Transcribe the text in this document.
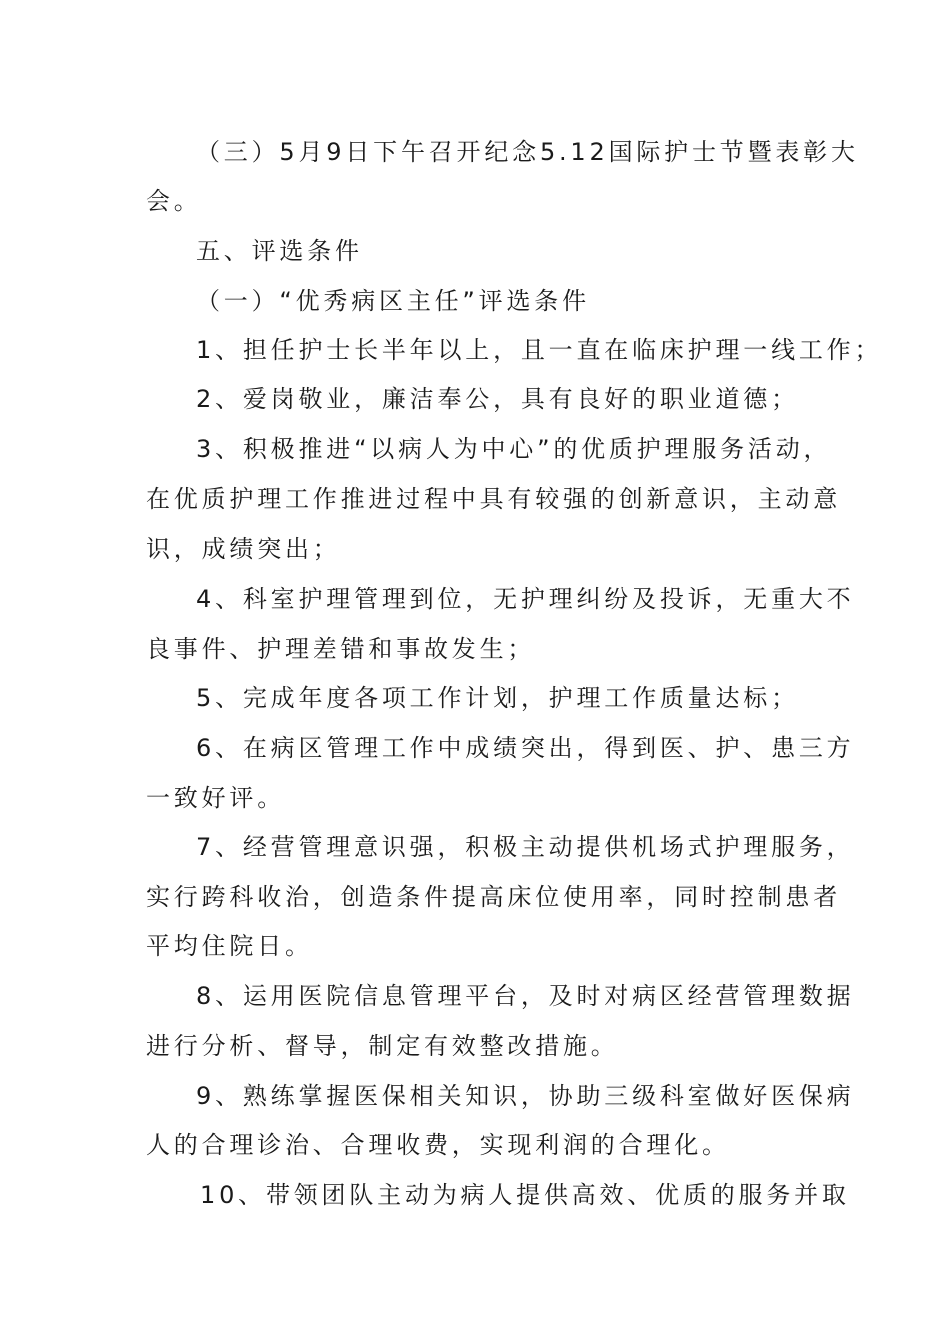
（三）5月9日下午召开纪念5.12国际护士节暨表彰大
会。
五、评选条件
（一）“优秀病区主任”评选条件
1、担任护士长半年以上，且一直在临床护理一线工作；
2、爱岗敬业，廉洁奉公，具有良好的职业道德；
3、积极推进“以病人为中心”的优质护理服务活动，
在优质护理工作推进过程中具有较强的创新意识，主动意
识，成绩突出；
4、科室护理管理到位，无护理纠纷及投诉，无重大不
良事件、护理差错和事故发生；
5、完成年度各项工作计划，护理工作质量达标；
6、在病区管理工作中成绩突出，得到医、护、患三方
一致好评。
7、经营管理意识强，积极主动提供机场式护理服务，
实行跨科收治，创造条件提高床位使用率，同时控制患者
平均住院日。
8、运用医院信息管理平台，及时对病区经营管理数据
进行分析、督导，制定有效整改措施。
9、熟练掌握医保相关知识，协助三级科室做好医保病
人的合理诊治、合理收费，实现利润的合理化。
10、带领团队主动为病人提供高效、优质的服务并取
